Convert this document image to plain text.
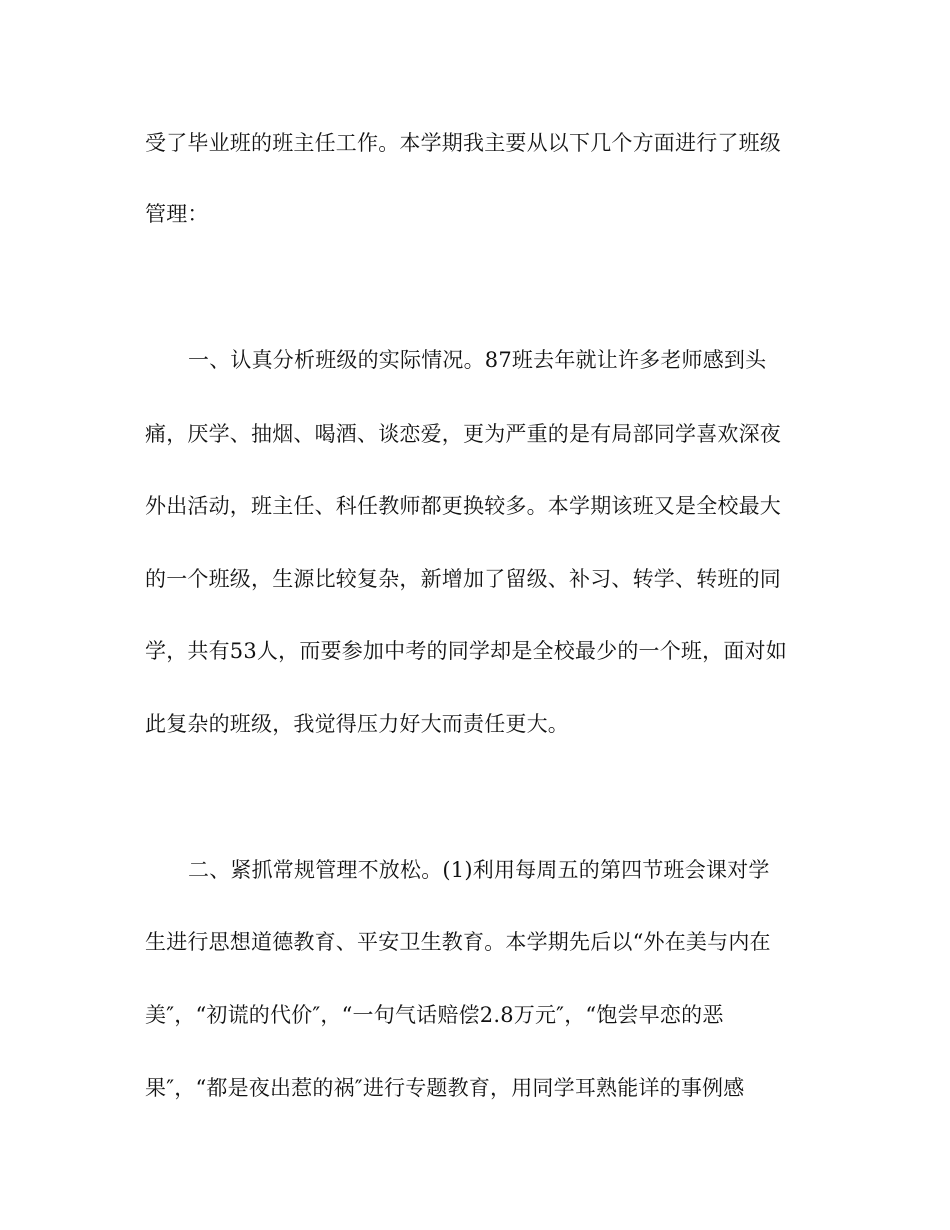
受了毕业班的班主任工作。本学期我主要从以下几个方面进行了班级
管理：
一、认真分析班级的实际情况。87班去年就让许多老师感到头
痛，厌学、抽烟、喝酒、谈恋爱，更为严重的是有局部同学喜欢深夜
外出活动，班主任、科任教师都更换较多。本学期该班又是全校最大
的一个班级，生源比较复杂，新增加了留级、补习、转学、转班的同
学，共有53人，而要参加中考的同学却是全校最少的一个班，面对如
此复杂的班级，我觉得压力好大而责任更大。
二、紧抓常规管理不放松。(1)利用每周五的第四节班会课对学
生进行思想道德教育、平安卫生教育。本学期先后以“外在美与内在
美″，“初谎的代价″，“一句气话赔偿2.8万元″，“饱尝早恋的恶
果″，“都是夜出惹的祸″进行专题教育，用同学耳熟能详的事例感
